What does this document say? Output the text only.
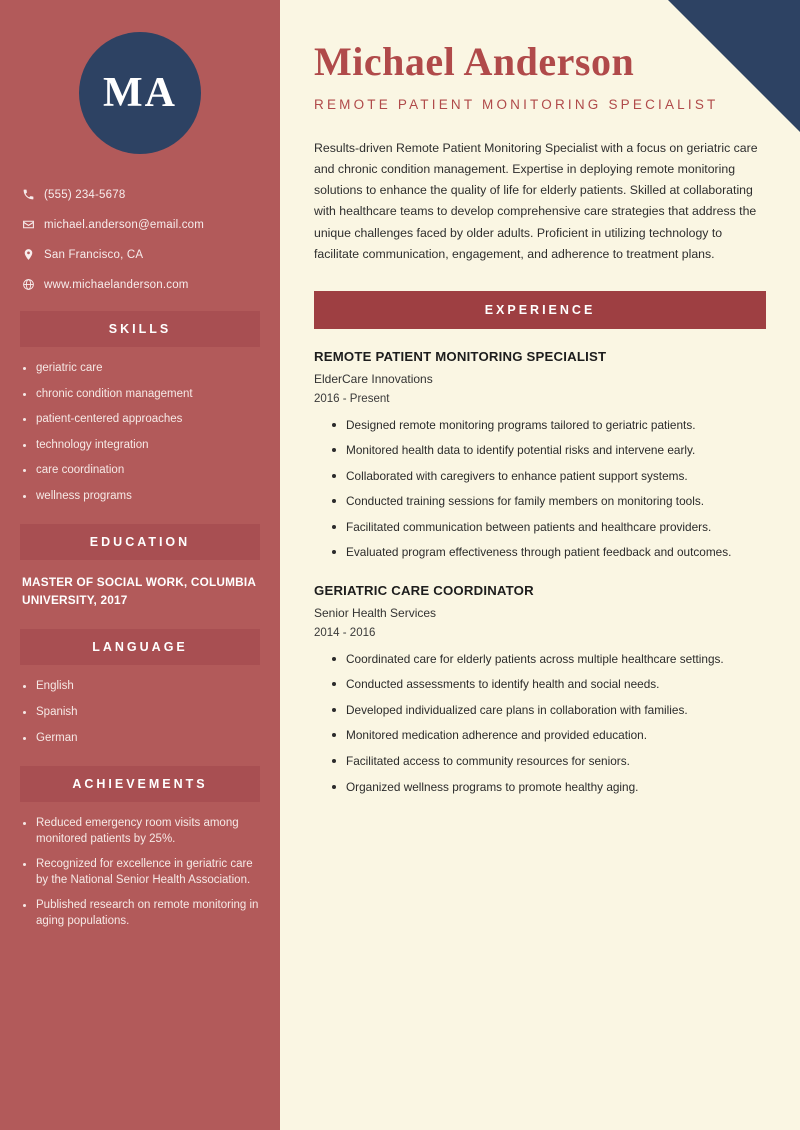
MA
(555) 234-5678
michael.anderson@email.com
San Francisco, CA
www.michaelanderson.com
SKILLS
geriatric care
chronic condition management
patient-centered approaches
technology integration
care coordination
wellness programs
EDUCATION
MASTER OF SOCIAL WORK, COLUMBIA UNIVERSITY, 2017
LANGUAGE
English
Spanish
German
ACHIEVEMENTS
Reduced emergency room visits among monitored patients by 25%.
Recognized for excellence in geriatric care by the National Senior Health Association.
Published research on remote monitoring in aging populations.
Michael Anderson
REMOTE PATIENT MONITORING SPECIALIST

Results-driven Remote Patient Monitoring Specialist with a focus on geriatric care and chronic condition management. Expertise in deploying remote monitoring solutions to enhance the quality of life for elderly patients. Skilled at collaborating with healthcare teams to develop comprehensive care strategies that address the unique challenges faced by older adults. Proficient in utilizing technology to facilitate communication, engagement, and adherence to treatment plans.

EXPERIENCE
REMOTE PATIENT MONITORING SPECIALIST
ElderCare Innovations
2016 - Present
Designed remote monitoring programs tailored to geriatric patients.
Monitored health data to identify potential risks and intervene early.
Collaborated with caregivers to enhance patient support systems.
Conducted training sessions for family members on monitoring tools.
Facilitated communication between patients and healthcare providers.
Evaluated program effectiveness through patient feedback and outcomes.
GERIATRIC CARE COORDINATOR
Senior Health Services
2014 - 2016
Coordinated care for elderly patients across multiple healthcare settings.
Conducted assessments to identify health and social needs.
Developed individualized care plans in collaboration with families.
Monitored medication adherence and provided education.
Facilitated access to community resources for seniors.
Organized wellness programs to promote healthy aging.
